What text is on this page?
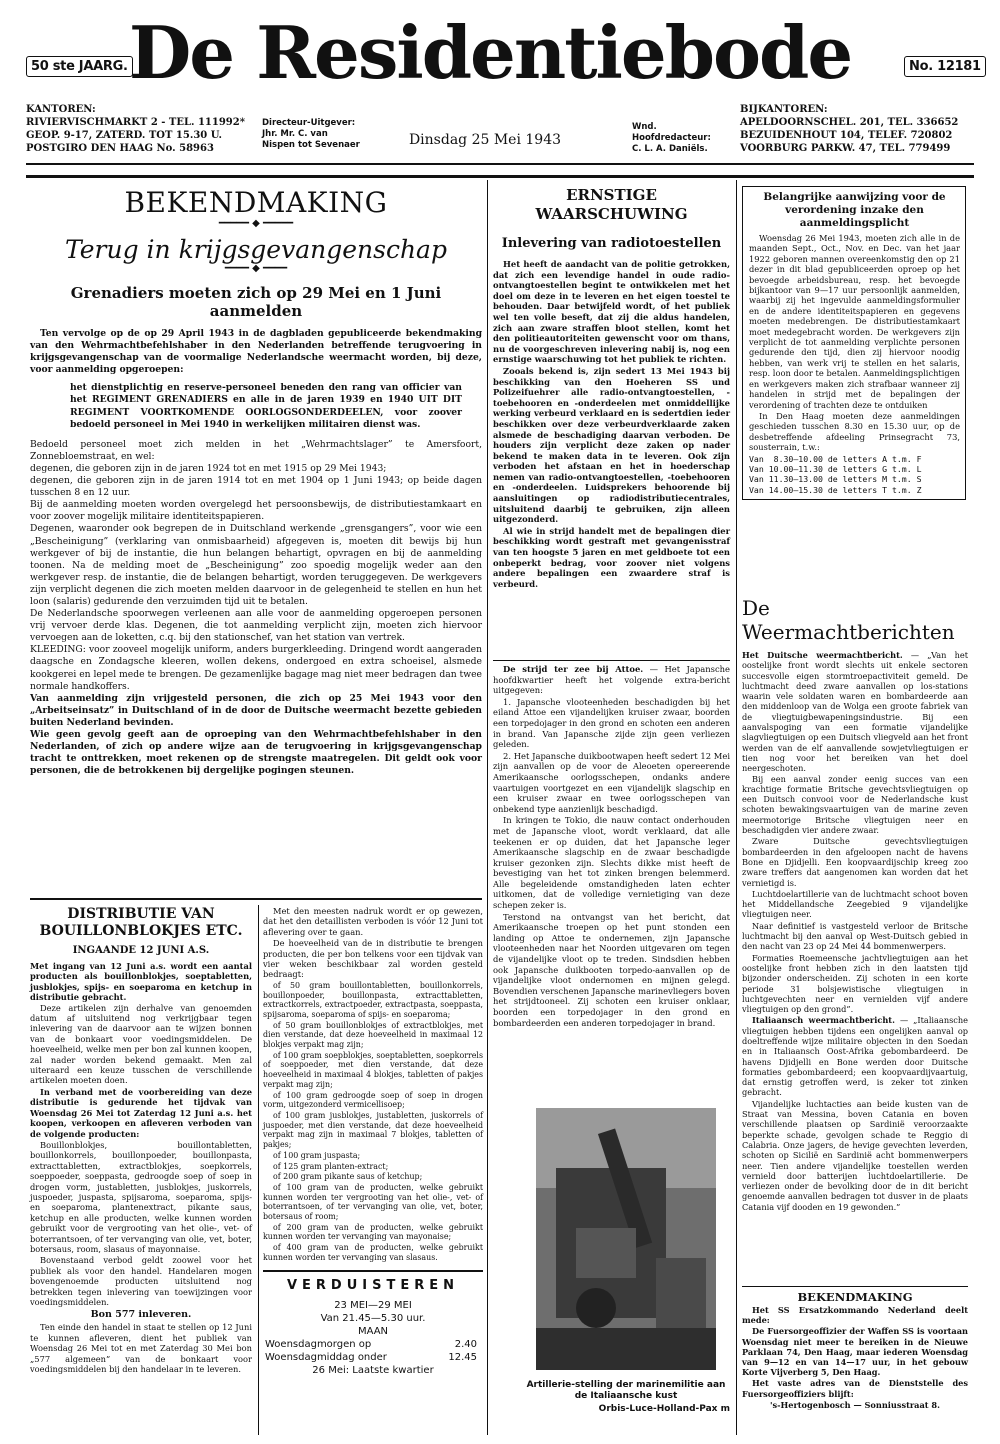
50 ste JAARG. De Residentiebode	No. 12181
KANTOREN:
RIVIERVISCHMARKT 2 - TEL. 111992*
GEOP. 9-17, ZATERD. TOT 15.30 U.
POSTGIRO DEN HAAG No. 58963
Directeur-Uitgever:
Jhr. Mr. C. van
Nispen tot Sevenaer	Dinsdag 25 Mei 1943
Wnd.
Hoofdredacteur:
C. L. A. Daniëls.
BIJKANTOREN:
APELDOORNSCHEL. 201, TEL. 336652
BEZUIDENHOUT 104, TELEF. 720802
VOORBURG PARKW. 47, TEL. 779499
BEKENDMAKING
━━━━━ ◆ ━━━━━
Terug in krijgsgevangenschap
━━━━ ◆ ━━━━
Grenadiers moeten zich op 29 Mei en 1 Juni aanmelden

Ten vervolge op de op 29 April 1943 in de dagbladen gepubliceerde bekendmaking van den Wehrmachtbefehlshaber in den Nederlanden betreffende terugvoering in krijgsgevangenschap van de voormalige Nederlandsche weermacht worden, bij deze, voor aanmelding opgeroepen:

het dienstplichtig en reserve-personeel beneden den rang van officier van het REGIMENT GRENADIERS en alle in de jaren 1939 en 1940 UIT DIT REGIMENT VOORTKOMENDE OORLOGSONDERDEELEN, voor zoover bedoeld personeel in Mei 1940 in werkelijken militairen dienst was.

Bedoeld personeel moet zich melden in het „Wehrmachtslager” te Amersfoort, Zonnebloemstraat, en wel:

degenen, die geboren zijn in de jaren 1924 tot en met 1915 op 29 Mei 1943;

degenen, die geboren zijn in de jaren 1914 tot en met 1904 op 1 Juni 1943; op beide dagen tusschen 8 en 12 uur.

Bij de aanmelding moeten worden overgelegd het persoonsbewijs, de distributiestamkaart en voor zoover mogelijk militaire identiteitspapieren.

Degenen, waaronder ook begrepen de in Duitschland werkende „grensgangers”, voor wie een „Bescheinigung” (verklaring van onmisbaarheid) afgegeven is, moeten dit bewijs bij hun werkgever of bij de instantie, die hun belangen behartigt, opvragen en bij de aanmelding toonen. Na de melding moet de „Bescheinigung” zoo spoedig mogelijk weder aan den werkgever resp. de instantie, die de belangen behartigt, worden teruggegeven. De werkgevers zijn verplicht degenen die zich moeten melden daarvoor in de gelegenheid te stellen en hun het loon (salaris) gedurende den verzuimden tijd uit te betalen.

De Nederlandsche spoorwegen verleenen aan alle voor de aanmelding opgeroepen personen vrij vervoer derde klas. Degenen, die tot aanmelding verplicht zijn, moeten zich hiervoor vervoegen aan de loketten, c.q. bij den stationschef, van het station van vertrek.

KLEEDING: voor zooveel mogelijk uniform, anders burgerkleeding. Dringend wordt aangeraden daagsche en Zondagsche kleeren, wollen dekens, ondergoed en extra schoeisel, alsmede kookgerei en lepel mede te brengen. De gezamenlijke bagage mag niet meer bedragen dan twee normale handkoffers.

Van aanmelding zijn vrijgesteld personen, die zich op 25 Mei 1943 voor den „Arbeitseinsatz” in Duitschland of in de door de Duitsche weermacht bezette gebieden buiten Nederland bevinden.

Wie geen gevolg geeft aan de oproeping van den Wehrmachtbefehlshaber in den Nederlanden, of zich op andere wijze aan de terugvoering in krijgsgevangenschap tracht te onttrekken, moet rekenen op de strengste maatregelen. Dit geldt ook voor personen, die de betrokkenen bij dergelijke pogingen steunen.

DISTRIBUTIE VAN BOUILLONBLOKJES ETC.
INGAANDE 12 JUNI A.S.

Met ingang van 12 Juni a.s. wordt een aantal producten als bouillonblokjes, soeptabletten, jusblokjes, spijs- en soeparoma en ketchup in distributie gebracht.

Deze artikelen zijn derhalve van genoemden datum af uitsluitend nog verkrijgbaar tegen inlevering van de daarvoor aan te wijzen bonnen van de bonkaart voor voedingsmiddelen. De hoeveelheid, welke men per bon zal kunnen koopen, zal nader worden bekend gemaakt. Men zal uiteraard een keuze tusschen de verschillende artikelen moeten doen.

In verband met de voorbereiding van deze distributie is gedurende het tijdvak van Woensdag 26 Mei tot Zaterdag 12 Juni a.s. het koopen, verkoopen en afleveren verboden van de volgende producten:

Bouillonblokjes, bouillontabletten, bouillonkorrels, bouillonpoeder, bouillonpasta, extracttabletten, extractblokjes, soepkorrels, soeppoeder, soeppasta, gedroogde soep of soep in drogen vorm, justabletten, jusblokjes, juskorrels, juspoeder, juspasta, spijsaroma, soeparoma, spijs- en soeparoma, plantenextract, pikante saus, ketchup en alle producten, welke kunnen worden gebruikt voor de vergrooting van het olie-, vet- of boterrantsoen, of ter vervanging van olie, vet, boter, botersaus, room, slasaus of mayonnaise.

Bovenstaand verbod geldt zoowel voor het publiek als voor den handel. Handelaren mogen bovengenoemde producten uitsluitend nog betrekken tegen inlevering van toewijzingen voor voedingsmiddelen.

Bon 577 inleveren.

Ten einde den handel in staat te stellen op 12 Juni te kunnen afleveren, dient het publiek van Woensdag 26 Mei tot en met Zaterdag 30 Mei bon „577 algemeen” van de bonkaart voor voedingsmiddelen bij den handelaar in te leveren.

Met den meesten nadruk wordt er op gewezen, dat het den detaillisten verboden is vóór 12 Juni tot aflevering over te gaan.

De hoeveelheid van de in distributie te brengen producten, die per bon telkens voor een tijdvak van vier weken beschikbaar zal worden gesteld bedraagt:

of 50 gram bouillontabletten, bouillonkorrels, bouillonpoeder, bouillonpasta, extracttabletten, extractkorrels, extractpoeder, extractpasta, soeppasta, spijsaroma, soeparoma of spijs- en soeparoma;

of 50 gram bouillonblokjes of extractblokjes, met dien verstande, dat deze hoeveelheid in maximaal 12 blokjes verpakt mag zijn;

of 100 gram soepblokjes, soeptabletten, soepkorrels of soeppoeder, met dien verstande, dat deze hoeveelheid in maximaal 4 blokjes, tabletten of pakjes verpakt mag zijn;

of 100 gram gedroogde soep of soep in drogen vorm, uitgezonderd vermicellisoep;

of 100 gram jusblokjes, justabletten, juskorrels of juspoeder, met dien verstande, dat deze hoeveelheid verpakt mag zijn in maximaal 7 blokjes, tabletten of pakjes;

of 100 gram juspasta;

of 125 gram planten-extract;

of 200 gram pikante saus of ketchup;

of 100 gram van de producten, welke gebruikt kunnen worden ter vergrooting van het olie-, vet- of boterrantsoen, of ter vervanging van olie, vet, boter, botersaus of room;

of 200 gram van de producten, welke gebruikt kunnen worden ter vervanging van mayonaise;

of 400 gram van de producten, welke gebruikt kunnen worden ter vervanging van slasaus.

VERDUISTEREN
23 MEI—29 MEI
Van 21.45—5.30 uur.
MAAN
Woensdagmorgen op	2.40
Woensdagmiddag onder	12.45
26 Mei: Laatste kwartier
ERNSTIGE WAARSCHUWING
Inlevering van radiotoestellen

Het heeft de aandacht van de politie getrokken, dat zich een levendige handel in oude radio-ontvangtoestellen begint te ontwikkelen met het doel om deze in te leveren en het eigen toestel te behouden. Daar betwijfeld wordt, of het publiek wel ten volle beseft, dat zij die aldus handelen, zich aan zware straffen bloot stellen, komt het den politieautoriteiten gewenscht voor om thans, nu de voorgeschreven inlevering nabij is, nog een ernstige waarschuwing tot het publiek te richten.

Zooals bekend is, zijn sedert 13 Mei 1943 bij beschikking van den Hoeheren SS und Polizeifuehrer alle radio-ontvangtoestellen, -toebehooren en -onderdeelen met onmiddellijke werking verbeurd verklaard en is sedertdien ieder beschikken over deze verbeurdverklaarde zaken alsmede de beschadiging daarvan verboden. De houders zijn verplicht deze zaken op nader bekend te maken data in te leveren. Ook zijn verboden het afstaan en het in hoederschap nemen van radio-ontvangtoestellen, -toebehooren en -onderdeelen. Luidsprekers behoorende bij aansluitingen op radiodistributiecentrales, uitsluitend daarbij te gebruiken, zijn alleen uitgezonderd.

Al wie in strijd handelt met de bepalingen dier beschikking wordt gestraft met gevangenisstraf van ten hoogste 5 jaren en met geldboete tot een onbeperkt bedrag, voor zoover niet volgens andere bepalingen een zwaardere straf is verbeurd.

De strijd ter zee bij Attoe. — Het Japansche hoofdkwartier heeft het volgende extra-bericht uitgegeven:

1. Japansche vlooteenheden beschadigden bij het eiland Attoe een vijandelijken kruiser zwaar, boorden een torpedojager in den grond en schoten een anderen in brand. Van Japansche zijde zijn geen verliezen geleden.

2. Het Japansche duikbootwapen heeft sedert 12 Mei zijn aanvallen op de voor de Aleoeten opereerende Amerikaansche oorlogsschepen, ondanks andere vaartuigen voortgezet en een vijandelijk slagschip en een kruiser zwaar en twee oorlogsschepen van onbekend type aanzienlijk beschadigd.

In kringen te Tokio, die nauw contact onderhouden met de Japansche vloot, wordt verklaard, dat alle teekenen er op duiden, dat het Japansche leger Amerikaansche slagschip en de zwaar beschadigde kruiser gezonken zijn. Slechts dikke mist heeft de bevestiging van het tot zinken brengen belemmerd. Alle begeleidende omstandigheden laten echter uitkomen, dat de volledige vernietiging van deze schepen zeker is.

Terstond na ontvangst van het bericht, dat Amerikaansche troepen op het punt stonden een landing op Attoe te ondernemen, zijn Japansche vlooteenheden naar het Noorden uitgevaren om tegen de vijandelijke vloot op te treden. Sindsdien hebben ook Japansche duikbooten torpedo-aanvallen op de vijandelijke vloot ondernomen en mijnen gelegd. Bovendien verschenen Japansche marinevliegers boven het strijdtooneel. Zij schoten een kruiser onklaar, boorden een torpedojager in den grond en bombardeerden een anderen torpedojager in brand.

Artillerie-stelling der marinemilitie aan de Italiaansche kust
Orbis-Luce-Holland-Pax m
Belangrijke aanwijzing voor de verordening inzake den aanmeldingsplicht

Woensdag 26 Mei 1943, moeten zich alle in de maanden Sept., Oct., Nov. en Dec. van het jaar 1922 geboren mannen overeenkomstig den op 21 dezer in dit blad gepubliceerden oproep op het bevoegde arbeidsbureau, resp. het bevoegde bijkantoor van 9—17 uur persoonlijk aanmelden, waarbij zij het ingevulde aanmeldingsformulier en de andere identiteitspapieren en gegevens moeten medebrengen. De distributiestamkaart moet medegebracht worden. De werkgevers zijn verplicht de tot aanmelding verplichte personen gedurende den tijd, dien zij hiervoor noodig hebben, van werk vrij te stellen en het salaris, resp. loon door te betalen. Aanmeldingsplichtigen en werkgevers maken zich strafbaar wanneer zij handelen in strijd met de bepalingen der verordening of trachten deze te ontduiken

In Den Haag moeten deze aanmeldingen geschieden tusschen 8.30 en 15.30 uur, op de desbetreffende afdeeling Prinsegracht 73, sousterrain, t.w.:

Van  8.30—10.00 de letters A t.m. F
Van 10.00—11.30 de letters G t.m. L
Van 11.30—13.00 de letters M t.m. S
Van 14.00—15.30 de letters T t.m. Z
De Weermachtberichten

Het Duitsche weermachtbericht. — „Van het oostelijke front wordt slechts uit enkele sectoren succesvolle eigen stormtroepactiviteit gemeld. De luchtmacht deed zware aanvallen op los-stations waarin vele soldaten waren en bombardeerde aan den middenloop van de Wolga een groote fabriek van de vliegtuigbewapeningsindustrie. Bij een aanvalspoging van een formatie vijandelijke slagvliegtuigen op een Duitsch vliegveld aan het front werden van de elf aanvallende sowjetvliegtuigen er tien nog voor het bereiken van het doel neergeschoten.

Bij een aanval zonder eenig succes van een krachtige formatie Britsche gevechtsvliegtuigen op een Duitsch convooi voor de Nederlandsche kust schoten bewakingsvaartuigen van de marine zeven meermotorige Britsche vliegtuigen neer en beschadigden vier andere zwaar.

Zware Duitsche gevechtsvliegtuigen bombardeerden in den afgeloopen nacht de havens Bone en Djidjelli. Een koopvaardijschip kreeg zoo zware treffers dat aangenomen kan worden dat het vernietigd is.

Luchtdoelartillerie van de luchtmacht schoot boven het Middellandsche Zeegebied 9 vijandelijke vliegtuigen neer.

Naar definitief is vastgesteld verloor de Britsche luchtmacht bij den aanval op West-Duitsch gebied in den nacht van 23 op 24 Mei 44 bommenwerpers.

Formaties Roemeensche jachtvliegtuigen aan het oostelijke front hebben zich in den laatsten tijd bijzonder onderscheiden. Zij schoten in een korte periode 31 bolsjewistische vliegtuigen in luchtgevechten neer en vernielden vijf andere vliegtuigen op den grond”.

Italiaansch weermachtbericht. — „Italiaansche vliegtuigen hebben tijdens een ongelijken aanval op doeltreffende wijze militaire objecten in den Soedan en in Italiaansch Oost-Afrika gebombardeerd. De havens Djidjelli en Bone werden door Duitsche formaties gebombardeerd; een koopvaardijvaartuig, dat ernstig getroffen werd, is zeker tot zinken gebracht.

Vijandelijke luchtacties aan beide kusten van de Straat van Messina, boven Catania en boven verschillende plaatsen op Sardinië veroorzaakte beperkte schade, gevolgen schade te Reggio di Calabria. Onze jagers, de hevige gevechten leverden, schoten op Sicilië en Sardinië acht bommenwerpers neer. Tien andere vijandelijke toestellen werden vernield door batterijen luchtdoelartillerie. De verliezen onder de bevolking door de in dit bericht genoemde aanvallen bedragen tot dusver in de plaats Catania vijf dooden en 19 gewonden.”

BEKENDMAKING

Het SS Ersatzkommando Nederland deelt mede:

De Fuersorgeoffizier der Waffen SS is voortaan Woensdag niet meer te bereiken in de Nieuwe Parklaan 74, Den Haag, maar iederen Woensdag van 9—12 en van 14—17 uur, in het gebouw Korte Vijverberg 5, Den Haag.

Het vaste adres van de Dienststelle des Fuersorgeoffiziers blijft:

's-Hertogenbosch — Sonniusstraat 8.
